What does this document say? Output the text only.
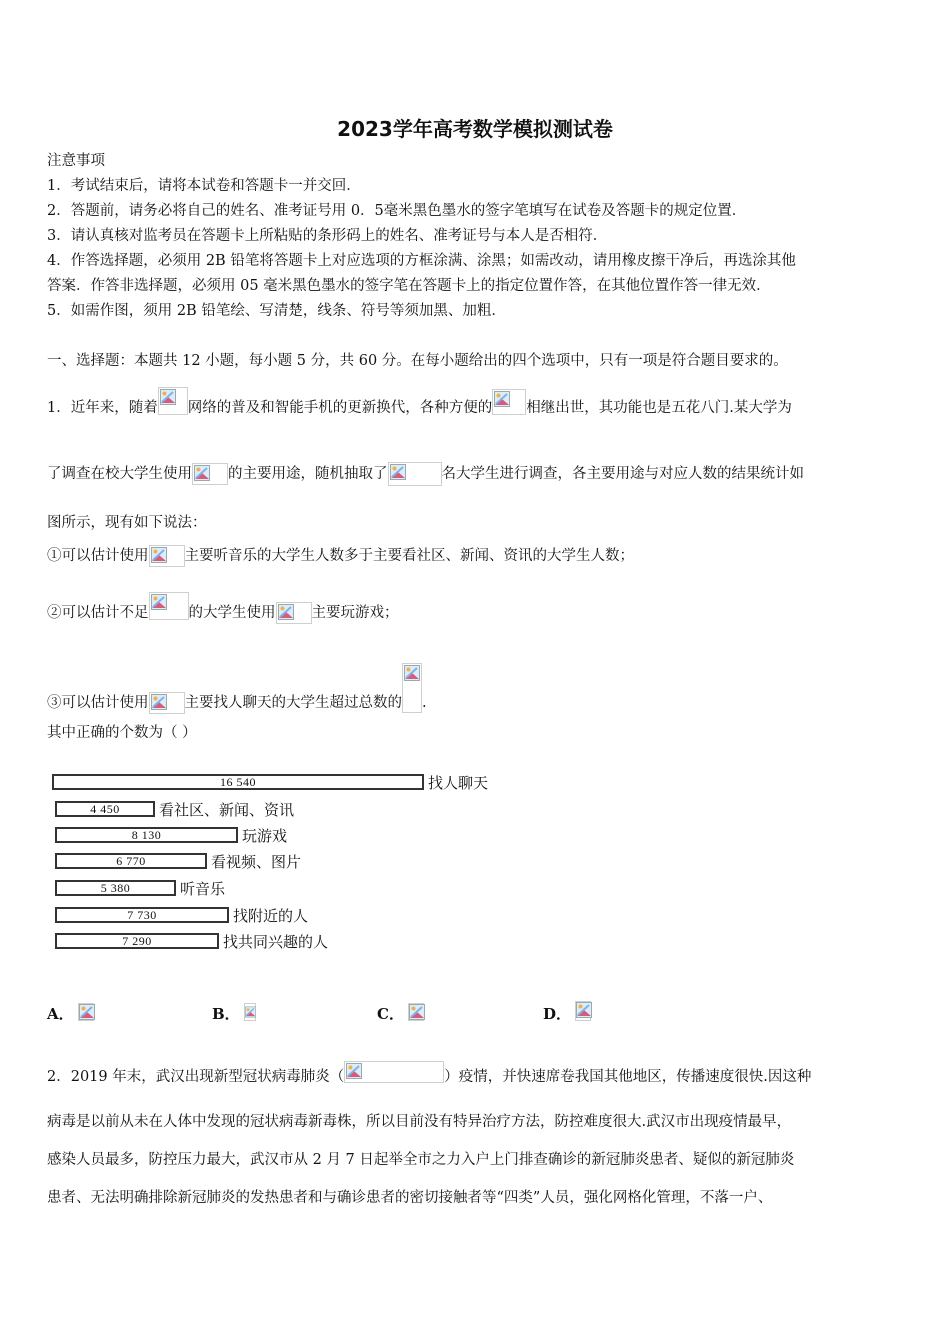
2023学年高考数学模拟测试卷
注意事项
1．考试结束后，请将本试卷和答题卡一并交回．
2．答题前，请务必将自己的姓名、准考证号用 0．5毫米黑色墨水的签字笔填写在试卷及答题卡的规定位置．
3．请认真核对监考员在答题卡上所粘贴的条形码上的姓名、准考证号与本人是否相符．
4．作答选择题，必须用 2B 铅笔将答题卡上对应选项的方框涂满、涂黑；如需改动，请用橡皮擦干净后，再选涂其他
答案．作答非选择题，必须用 05 毫米黑色墨水的签字笔在答题卡上的指定位置作答，在其他位置作答一律无效．
5．如需作图，须用 2B 铅笔绘、写清楚，线条、符号等须加黑、加粗．
一、选择题：本题共 12 小题，每小题 5 分，共 60 分。在每小题给出的四个选项中，只有一项是符合题目要求的。
1．近年来，随着 网络的普及和智能手机的更新换代，各种方便的 相继出世，其功能也是五花八门.某大学为
了调查在校大学生使用 的主要用途，随机抽取了	名大学生进行调查，各主要用途与对应人数的结果统计如
图所示，现有如下说法：
①可以估计使用 主要听音乐的大学生人数多于主要看社区、新闻、资讯的大学生人数；
②可以估计不足	的大学生使用 主要玩游戏；
③可以估计使用 主要找人聊天的大学生超过总数的 .
其中正确的个数为（ ）
16 540	找人聊天
4 450	看社区、新闻、资讯
8 130	玩游戏
6 770	看视频、图片
5 380	听音乐
7 730	找附近的人
7 290	找共同兴趣的人
A．	B．	C．	D．
2．2019 年末，武汉出现新型冠状病毒肺炎（	）疫情，并快速席卷我国其他地区，传播速度很快.因这种
病毒是以前从未在人体中发现的冠状病毒新毒株，所以目前没有特异治疗方法，防控难度很大.武汉市出现疫情最早，
感染人员最多，防控压力最大，武汉市从 2 月 7 日起举全市之力入户上门排查确诊的新冠肺炎患者、疑似的新冠肺炎
患者、无法明确排除新冠肺炎的发热患者和与确诊患者的密切接触者等“四类”人员，强化网格化管理，不落一户、
